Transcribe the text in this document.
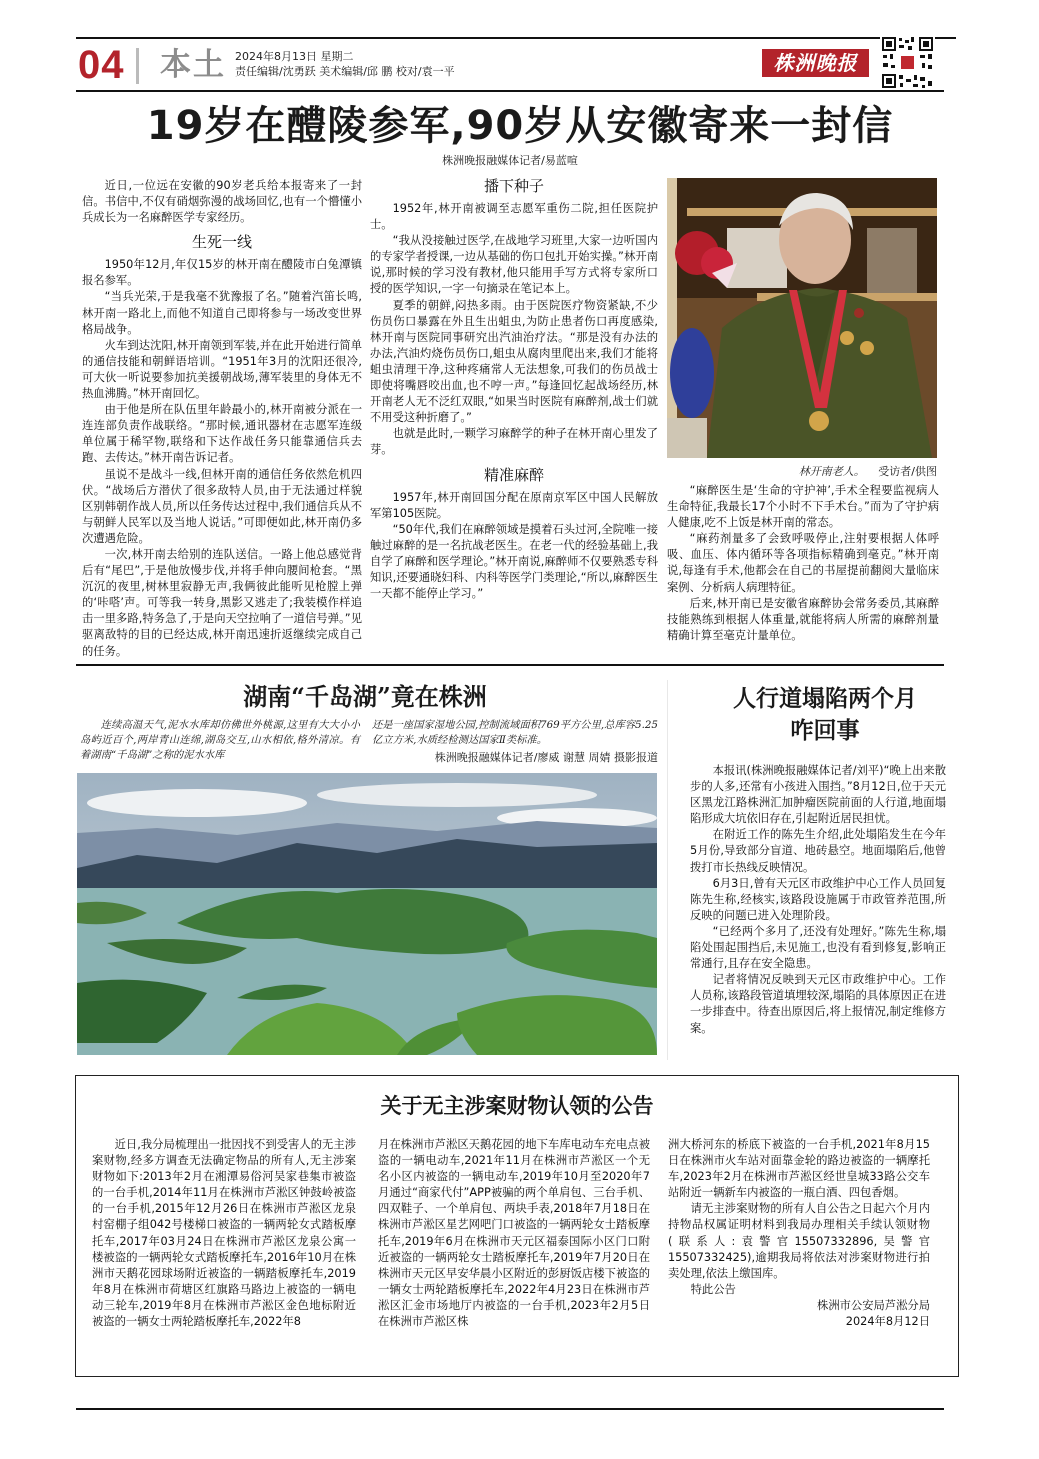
04 本土 2024年8月13日 星期二
责任编辑/沈勇跃 美术编辑/邱 鹏 校对/袁一平	株洲晚报
19岁在醴陵参军,90岁从安徽寄来一封信
株洲晚报融媒体记者/易蓝喧

近日,一位远在安徽的90岁老兵给本报寄来了一封信。书信中,不仅有硝烟弥漫的战场回忆,也有一个懵懂小兵成长为一名麻醉医学专家经历。

生死一线

1950年12月,年仅15岁的林开南在醴陵市白兔潭镇报名参军。

“当兵光荣,于是我毫不犹豫报了名。”随着汽笛长鸣,林开南一路北上,而他不知道自己即将参与一场改变世界格局战争。

火车到达沈阳,林开南领到军装,并在此开始进行简单的通信技能和朝鲜语培训。“1951年3月的沈阳还很冷,可大伙一听说要参加抗美援朝战场,薄军装里的身体无不热血沸腾。”林开南回忆。

由于他是所在队伍里年龄最小的,林开南被分派在一连连部负责作战联络。“那时候,通讯器材在志愿军连级单位属于稀罕物,联络和下达作战任务只能靠通信兵去跑、去传达。”林开南告诉记者。

虽说不是战斗一线,但林开南的通信任务依然危机四伏。“战场后方潜伏了很多敌特人员,由于无法通过样貌区别韩朝作战人员,所以任务传达过程中,我们通信兵从不与朝鲜人民军以及当地人说话。”可即便如此,林开南仍多次遭遇危险。

一次,林开南去给别的连队送信。一路上他总感觉背后有“尾巴”,于是他放慢步伐,并将手伸向腰间枪套。“黑沉沉的夜里,树林里寂静无声,我俩彼此能听见枪膛上弹的‘咔嗒’声。可等我一转身,黑影又逃走了;我装模作样追击一里多路,特务急了,于是向天空拉响了一道信号弹。”见驱离敌特的目的已经达成,林开南迅速折返继续完成自己的任务。

播下种子

1952年,林开南被调至志愿军重伤二院,担任医院护士。

“我从没接触过医学,在战地学习班里,大家一边听国内的专家学者授课,一边从基础的伤口包扎开始实操。”林开南说,那时候的学习没有教材,他只能用手写方式将专家所口授的医学知识,一字一句摘录在笔记本上。

夏季的朝鲜,闷热多雨。由于医院医疗物资紧缺,不少伤员伤口暴露在外且生出蛆虫,为防止患者伤口再度感染,林开南与医院同事研究出汽油治疗法。“那是没有办法的办法,汽油灼烧伤员伤口,蛆虫从腐肉里爬出来,我们才能将蛆虫清理干净,这种疼痛常人无法想象,可我们的伤员战士即使将嘴唇咬出血,也不哼一声。”每逢回忆起战场经历,林开南老人无不泛红双眼,“如果当时医院有麻醉剂,战士们就不用受这种折磨了。”

也就是此时,一颗学习麻醉学的种子在林开南心里发了芽。

精准麻醉

1957年,林开南回国分配在原南京军区中国人民解放军第105医院。

“50年代,我们在麻醉领域是摸着石头过河,全院唯一接触过麻醉的是一名抗战老医生。在老一代的经验基础上,我自学了麻醉和医学理论。”林开南说,麻醉师不仅要熟悉专科知识,还要通晓妇科、内科等医学门类理论,“所以,麻醉医生一天都不能停止学习。”

林开南老人。 受访者/供图

“麻醉医生是‘生命的守护神’,手术全程要监视病人生命特征,我最长17个小时不下手术台。”而为了守护病人健康,吃不上饭是林开南的常态。

“麻药剂量多了会致呼吸停止,注射要根据人体呼吸、血压、体内循环等各项指标精确到毫克。”林开南说,每逢有手术,他都会在自己的书屋提前翻阅大量临床案例、分析病人病理特征。

后来,林开南已是安徽省麻醉协会常务委员,其麻醉技能熟练到根据人体重量,就能将病人所需的麻醉剂量精确计算至毫克计量单位。

湖南“千岛湖”竟在株洲
连续高温天气,泥水水库却仿佛世外桃源,这里有大大小小岛屿近百个,两岸青山连绵,湖岛交互,山水相依,格外清凉。有着湖南“千岛湖”之称的泥水水库
还是一座国家湿地公园,控制流域面积769平方公里,总库容5.25亿立方米,水质经检测达国家Ⅱ类标准。
株洲晚报融媒体记者/廖威 谢慧 周婧 摄影报道
人行道塌陷两个月
咋回事

本报讯(株洲晚报融媒体记者/刘平)“晚上出来散步的人多,还常有小孩进入围挡。”8月12日,位于天元区黑龙江路株洲汇加肿瘤医院前面的人行道,地面塌陷形成大坑依旧存在,引起附近居民担忧。

在附近工作的陈先生介绍,此处塌陷发生在今年5月份,导致部分盲道、地砖悬空。地面塌陷后,他曾拨打市长热线反映情况。

6月3日,曾有天元区市政维护中心工作人员回复陈先生称,经核实,该路段设施属于市政管养范围,所反映的问题已进入处理阶段。

“已经两个多月了,还没有处理好。”陈先生称,塌陷处围起围挡后,未见施工,也没有看到修复,影响正常通行,且存在安全隐患。

记者将情况反映到天元区市政维护中心。工作人员称,该路段管道填埋较深,塌陷的具体原因正在进一步排查中。待查出原因后,将上报情况,制定维修方案。

关于无主涉案财物认领的公告

近日,我分局梳理出一批因找不到受害人的无主涉案财物,经多方调查无法确定物品的所有人,无主涉案财物如下:2013年2月在湘潭易俗河吴家巷集市被盗的一台手机,2014年11月在株洲市芦淞区钟鼓岭被盗的一台手机,2015年12月26日在株洲市芦淞区龙泉村窑棚子组042号楼梯口被盗的一辆两轮女式踏板摩托车,2017年03月24日在株洲市芦淞区龙泉公寓一楼被盗的一辆两轮女式踏板摩托车,2016年10月在株洲市天鹅花园球场附近被盗的一辆踏板摩托车,2019年8月在株洲市荷塘区红旗路马路边上被盗的一辆电动三轮车,2019年8月在株洲市芦淞区金色地标附近被盗的一辆女士两轮踏板摩托车,2022年8

月在株洲市芦淞区天鹅花园的地下车库电动车充电点被盗的一辆电动车,2021年11月在株洲市芦淞区一个无名小区内被盗的一辆电动车,2019年10月至2020年7月通过“商家代付”APP被骗的两个单肩包、三台手机、四双鞋子、一个单肩包、两块手表,2018年7月18日在株洲市芦淞区星艺网吧门口被盗的一辆两轮女士踏板摩托车,2019年6月在株洲市天元区福泰国际小区门口附近被盗的一辆两轮女士踏板摩托车,2019年7月20日在株洲市天元区早安华晨小区附近的彭厨饭店楼下被盗的一辆女士两轮踏板摩托车,2022年4月23日在株洲市芦淞区汇金市场地厅内被盗的一台手机,2023年2月5日在株洲市芦淞区株

洲大桥河东的桥底下被盗的一台手机,2021年8月15日在株洲市火车站对面靠金轮的路边被盗的一辆摩托车,2023年2月在株洲市芦淞区经世皇城33路公交车站附近一辆新车内被盗的一瓶白酒、四包香烟。

请无主涉案财物的所有人自公告之日起六个月内持物品权属证明材料到我局办理相关手续认领财物(联系人:袁警官15507332896,吴警官15507332425),逾期我局将依法对涉案财物进行拍卖处理,依法上缴国库。

特此公告

株洲市公安局芦淞分局

2024年8月12日
